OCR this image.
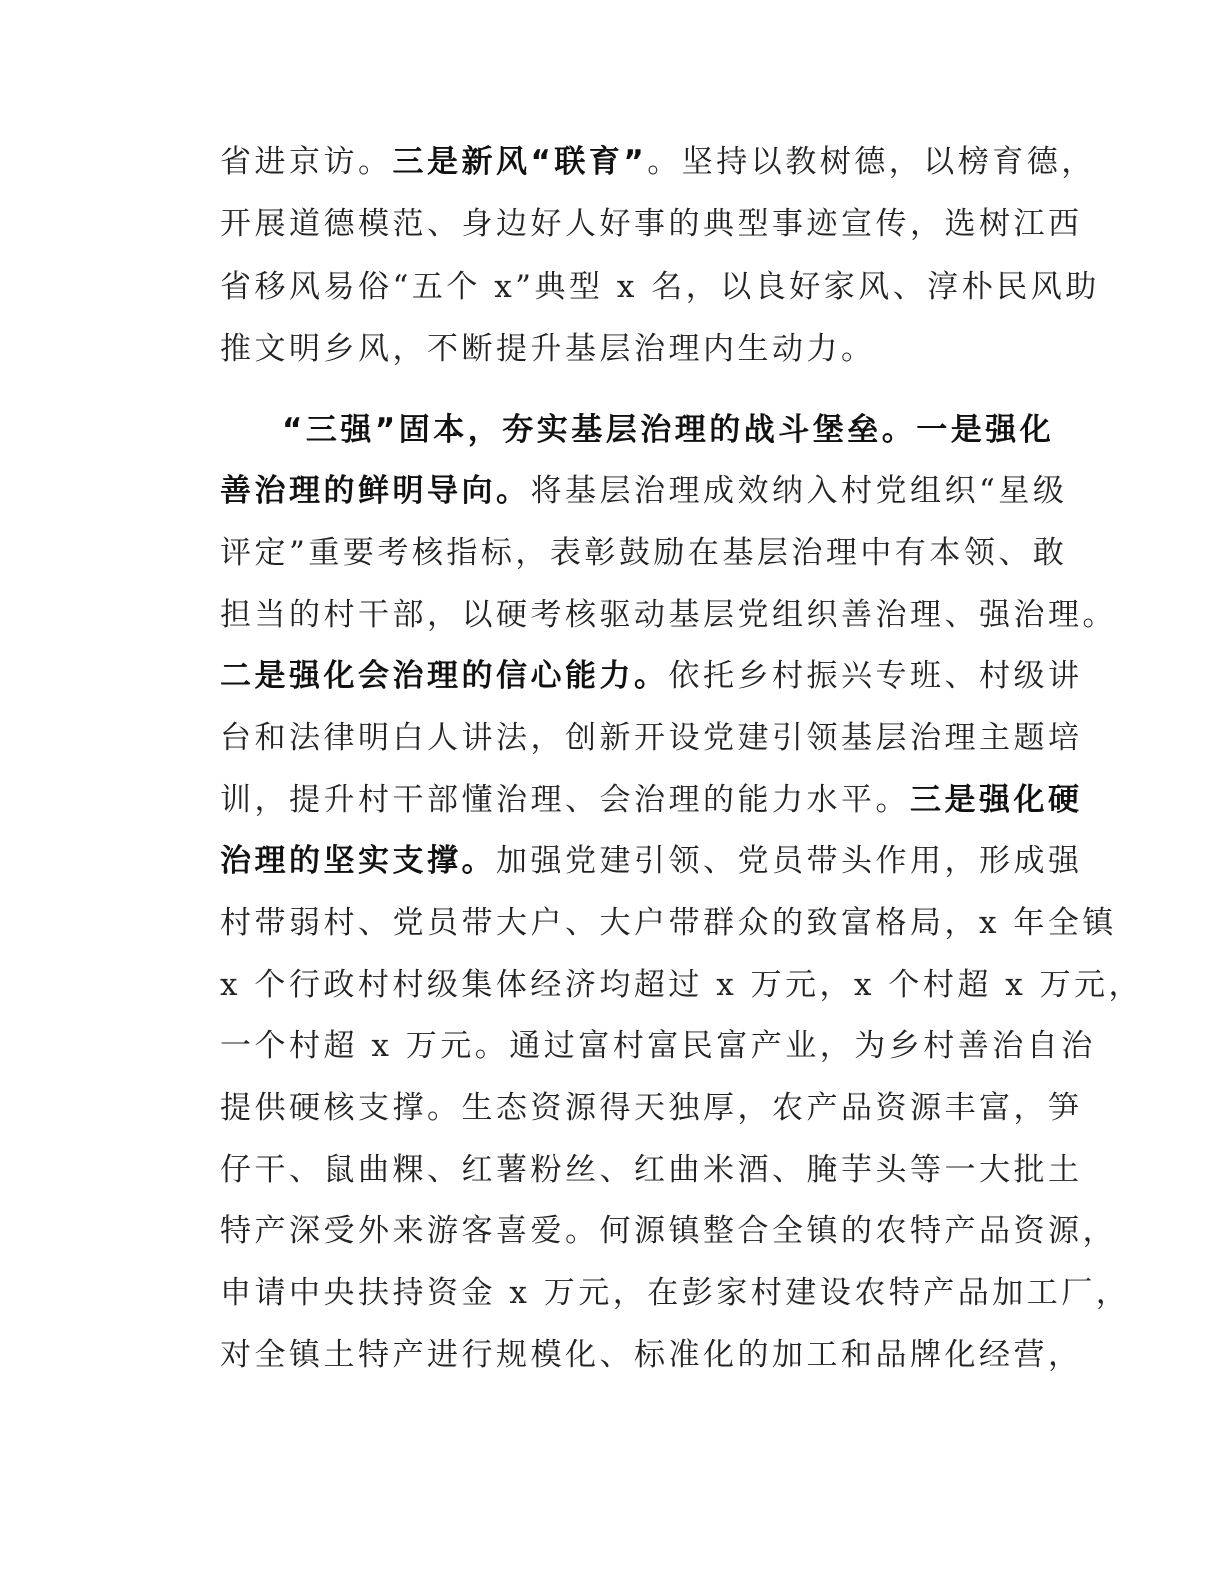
省进京访。三是新风“联育”。坚持以教树德，以榜育德，
开展道德模范、身边好人好事的典型事迹宣传，选树江西
省移风易俗“五个 x”典型 x 名，以良好家风、淳朴民风助
推文明乡风，不断提升基层治理内生动力。
“三强”固本，夯实基层治理的战斗堡垒。一是强化
善治理的鲜明导向。将基层治理成效纳入村党组织“星级
评定”重要考核指标，表彰鼓励在基层治理中有本领、敢
担当的村干部，以硬考核驱动基层党组织善治理、强治理。
二是强化会治理的信心能力。依托乡村振兴专班、村级讲
台和法律明白人讲法，创新开设党建引领基层治理主题培
训，提升村干部懂治理、会治理的能力水平。三是强化硬
治理的坚实支撑。加强党建引领、党员带头作用，形成强
村带弱村、党员带大户、大户带群众的致富格局，x 年全镇
x 个行政村村级集体经济均超过 x 万元，x 个村超 x 万元，
一个村超 x 万元。通过富村富民富产业，为乡村善治自治
提供硬核支撑。生态资源得天独厚，农产品资源丰富，笋
仔干、鼠曲粿、红薯粉丝、红曲米酒、腌芋头等一大批土
特产深受外来游客喜爱。何源镇整合全镇的农特产品资源，
申请中央扶持资金 x 万元，在彭家村建设农特产品加工厂，
对全镇土特产进行规模化、标准化的加工和品牌化经营，
